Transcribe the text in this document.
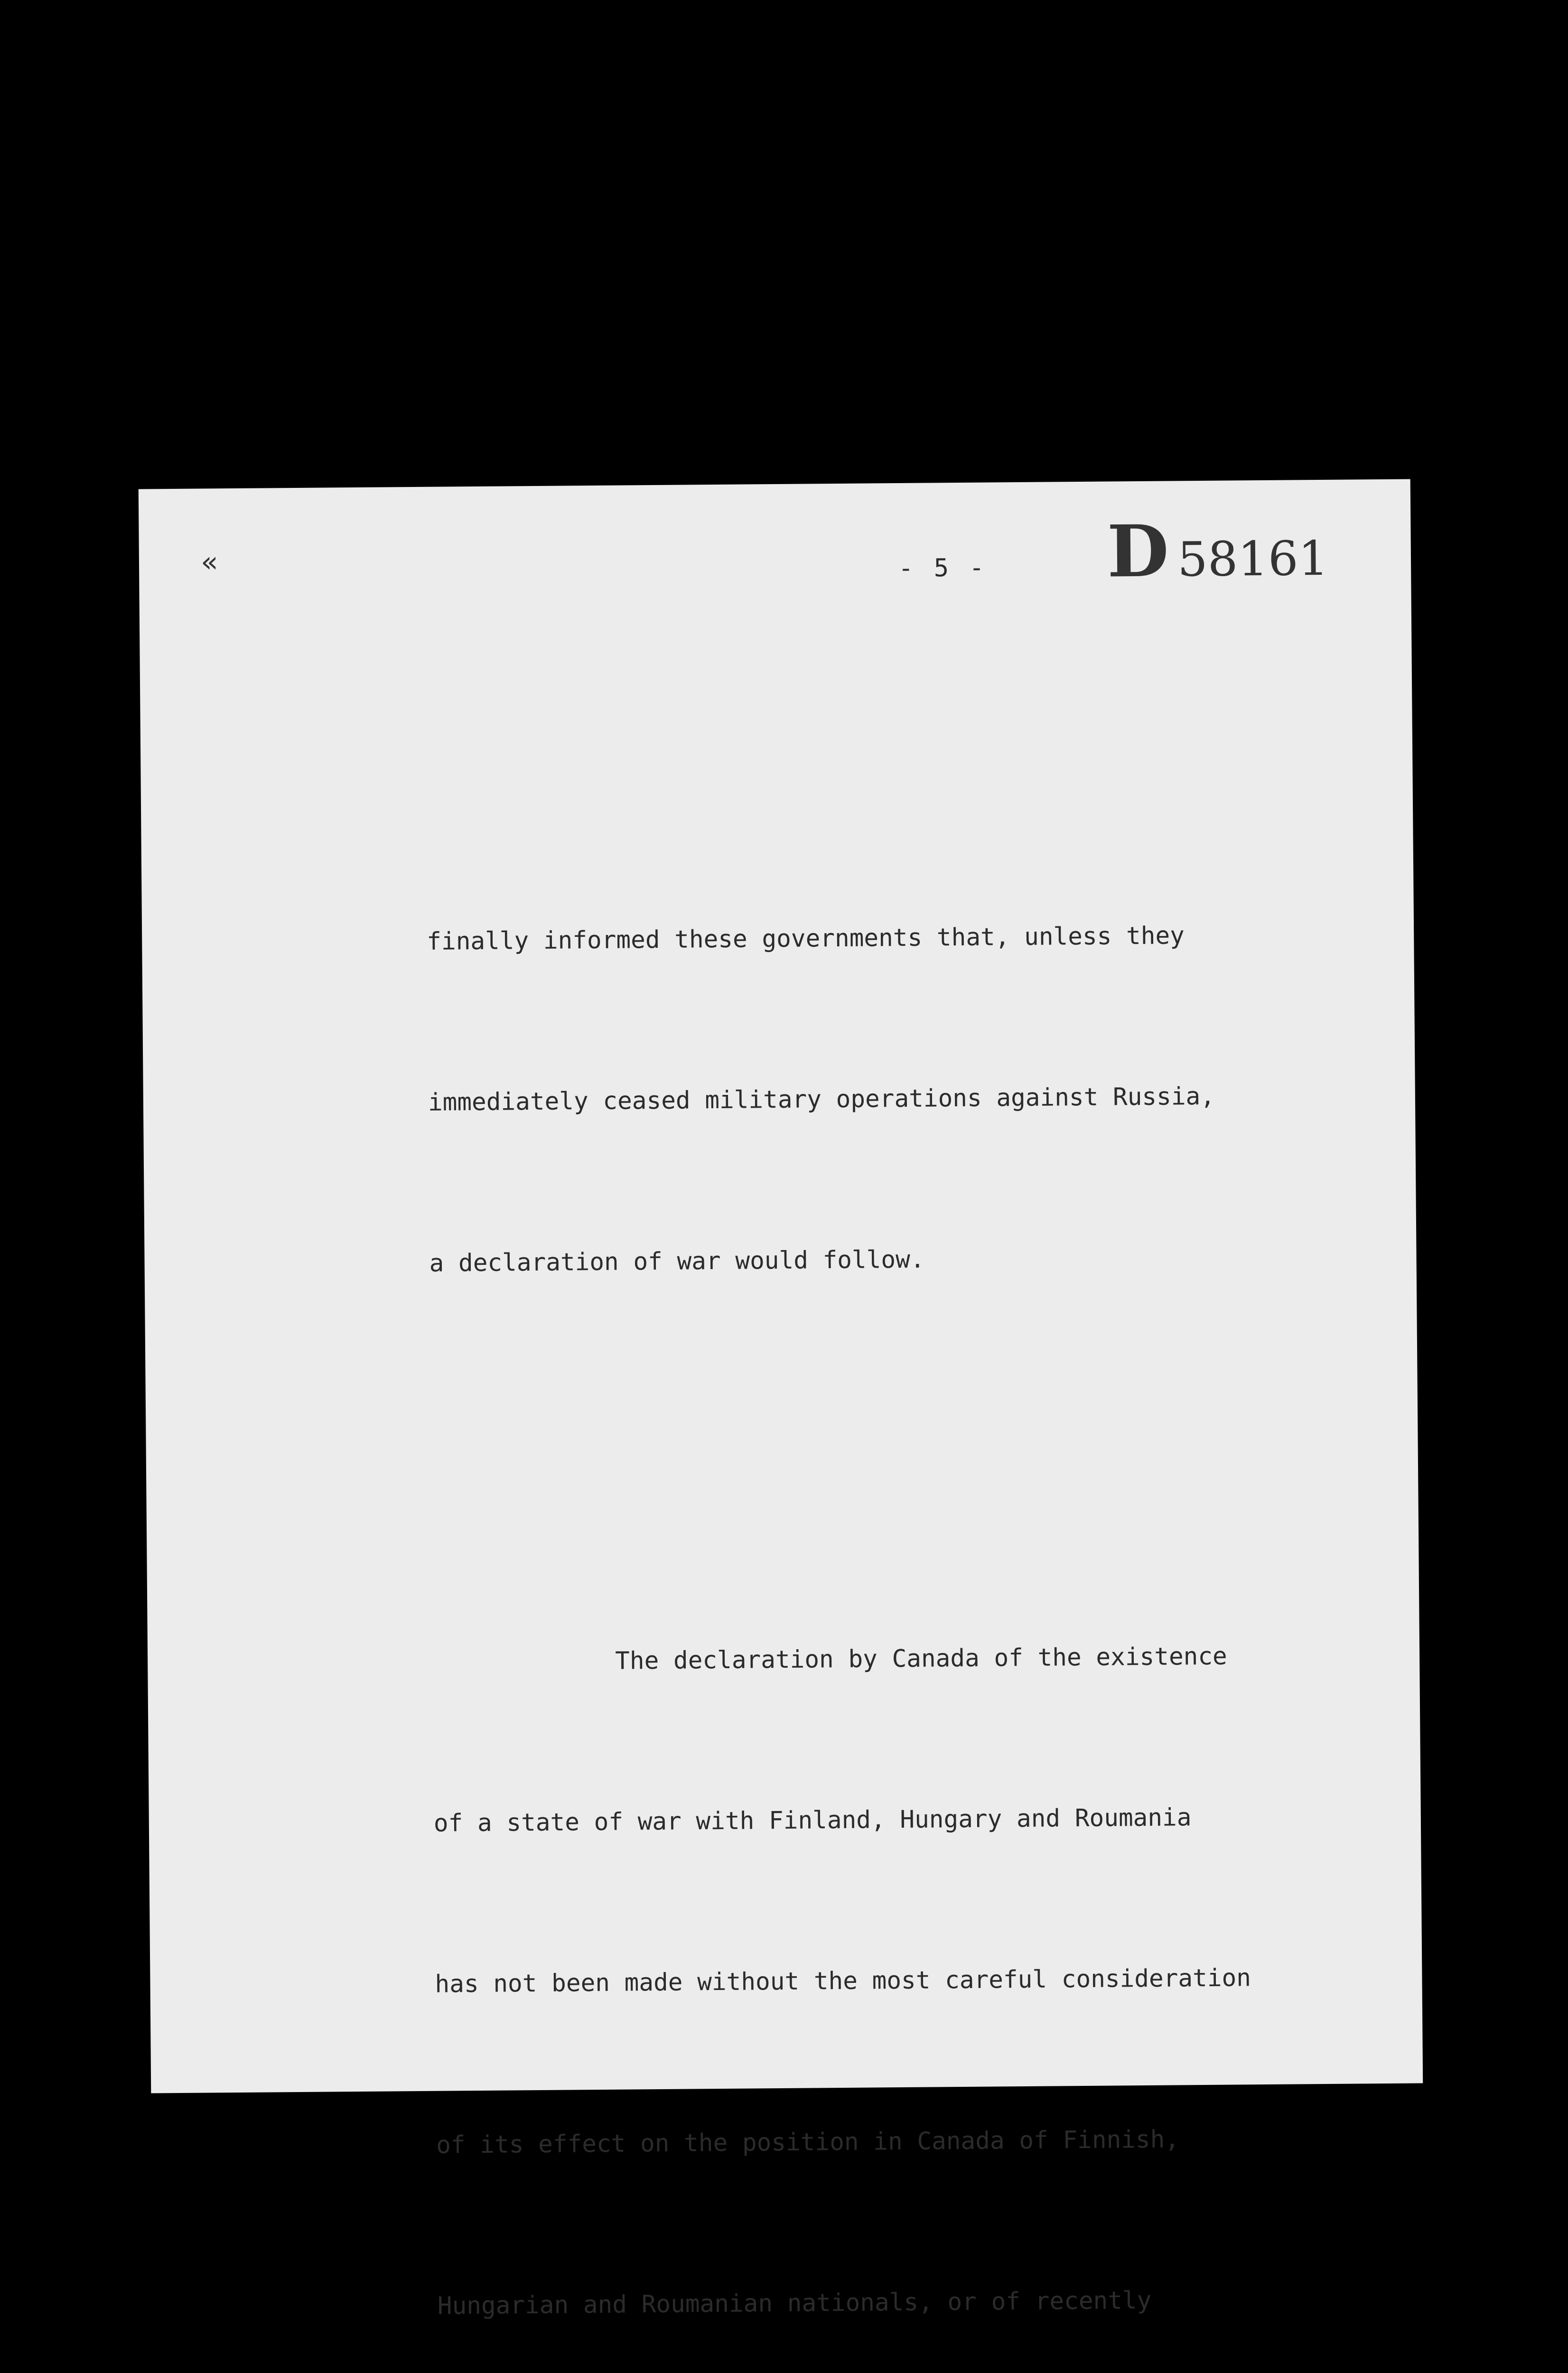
«	- 5 - D 58161

finally informed these governments that, unless they

immediately ceased military operations against Russia,

a declaration of war would follow.

The declaration by Canada of the existence

of a state of war with Finland, Hungary and Roumania

has not been made without the most careful consideration

of its effect on the position in Canada of Finnish,

Hungarian and Roumanian nationals, or of recently
